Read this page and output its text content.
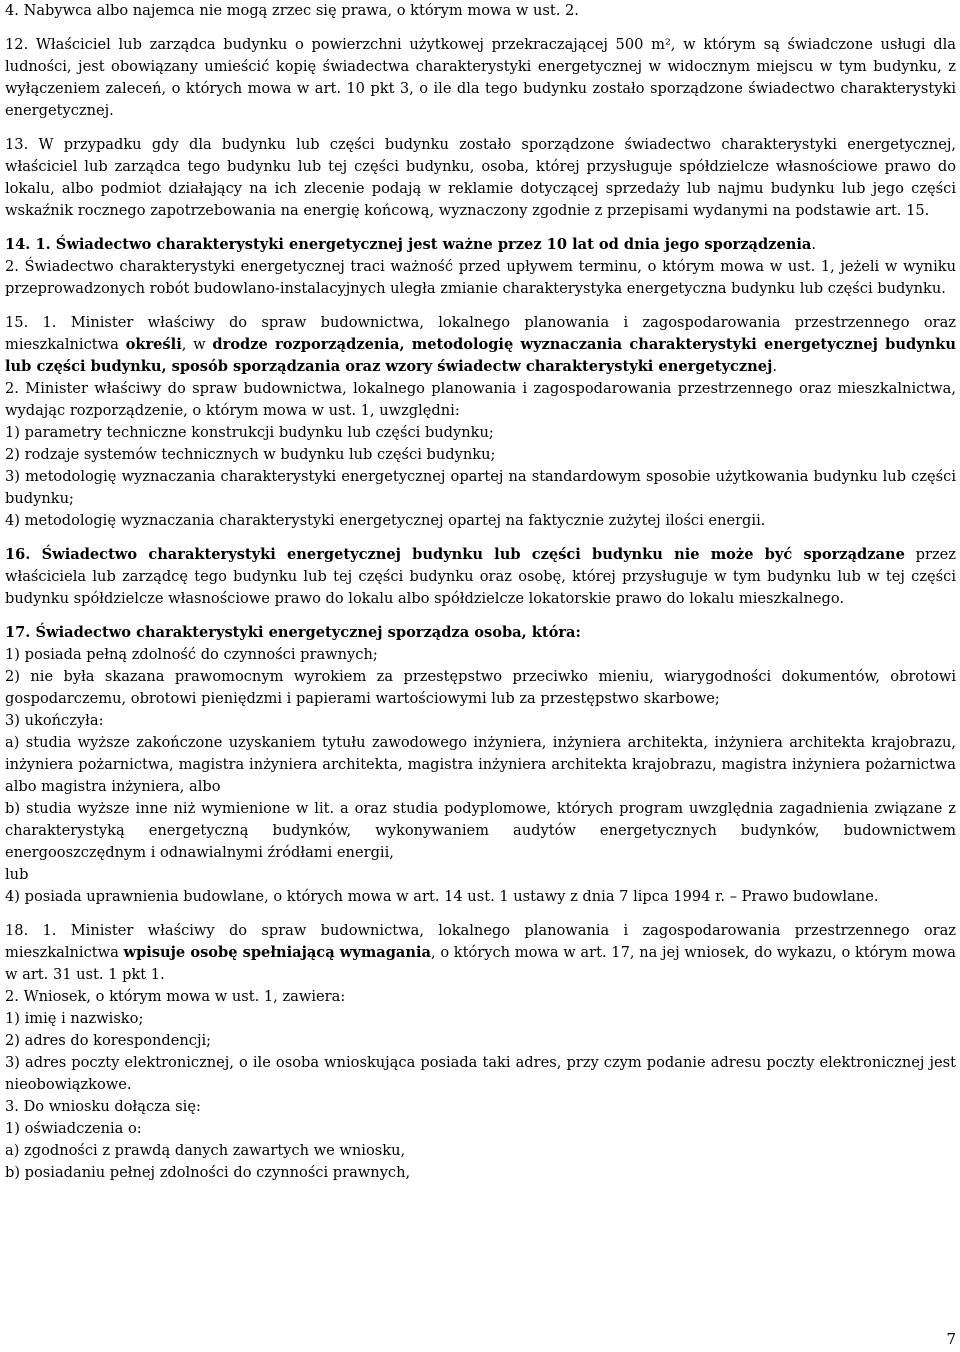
4. Nabywca albo najemca nie mogą zrzec się prawa, o którym mowa w ust. 2.

12. Właściciel lub zarządca budynku o powierzchni użytkowej przekraczającej 500 m², w którym są świadczone usługi dla ludności, jest obowiązany umieścić kopię świadectwa charakterystyki energetycznej w widocznym miejscu w tym budynku, z wyłączeniem zaleceń, o których mowa w art. 10 pkt 3, o ile dla tego budynku zostało sporządzone świadectwo charakterystyki energetycznej.

13. W przypadku gdy dla budynku lub części budynku zostało sporządzone świadectwo charakterystyki energetycznej, właściciel lub zarządca tego budynku lub tej części budynku, osoba, której przysługuje spółdzielcze własnościowe prawo do lokalu, albo podmiot działający na ich zlecenie podają w reklamie dotyczącej sprzedaży lub najmu budynku lub jego części wskaźnik rocznego zapotrzebowania na energię końcową, wyznaczony zgodnie z przepisami wydanymi na podstawie art. 15.

14. 1. Świadectwo charakterystyki energetycznej jest ważne przez 10 lat od dnia jego sporządzenia.

2. Świadectwo charakterystyki energetycznej traci ważność przed upływem terminu, o którym mowa w ust. 1, jeżeli w wyniku przeprowadzonych robót budowlano-instalacyjnych uległa zmianie charakterystyka energetyczna budynku lub części budynku.

15. 1. Minister właściwy do spraw budownictwa, lokalnego planowania i zagospodarowania przestrzennego oraz mieszkalnictwa określi, w drodze rozporządzenia, metodologię wyznaczania charakterystyki energetycznej budynku lub części budynku, sposób sporządzania oraz wzory świadectw charakterystyki energetycznej.

2. Minister właściwy do spraw budownictwa, lokalnego planowania i zagospodarowania przestrzennego oraz mieszkalnictwa, wydając rozporządzenie, o którym mowa w ust. 1, uwzględni:

1) parametry techniczne konstrukcji budynku lub części budynku;

2) rodzaje systemów technicznych w budynku lub części budynku;

3) metodologię wyznaczania charakterystyki energetycznej opartej na standardowym sposobie użytkowania budynku lub części budynku;

4) metodologię wyznaczania charakterystyki energetycznej opartej na faktycznie zużytej ilości energii.

16. Świadectwo charakterystyki energetycznej budynku lub części budynku nie może być sporządzane przez właściciela lub zarządcę tego budynku lub tej części budynku oraz osobę, której przysługuje w tym budynku lub w tej części budynku spółdzielcze własnościowe prawo do lokalu albo spółdzielcze lokatorskie prawo do lokalu mieszkalnego.

17. Świadectwo charakterystyki energetycznej sporządza osoba, która:

1) posiada pełną zdolność do czynności prawnych;

2) nie była skazana prawomocnym wyrokiem za przestępstwo przeciwko mieniu, wiarygodności dokumentów, obrotowi gospodarczemu, obrotowi pieniędzmi i papierami wartościowymi lub za przestępstwo skarbowe;

3) ukończyła:

a) studia wyższe zakończone uzyskaniem tytułu zawodowego inżyniera, inżyniera architekta, inżyniera architekta krajobrazu, inżyniera pożarnictwa, magistra inżyniera architekta, magistra inżyniera architekta krajobrazu, magistra inżyniera pożarnictwa albo magistra inżyniera, albo

b) studia wyższe inne niż wymienione w lit. a oraz studia podyplomowe, których program uwzględnia zagadnienia związane z charakterystyką energetyczną budynków, wykonywaniem audytów energetycznych budynków, budownictwem energooszczędnym i odnawialnymi źródłami energii,

lub

4) posiada uprawnienia budowlane, o których mowa w art. 14 ust. 1 ustawy z dnia 7 lipca 1994 r. – Prawo budowlane.

18. 1. Minister właściwy do spraw budownictwa, lokalnego planowania i zagospodarowania przestrzennego oraz mieszkalnictwa wpisuje osobę spełniającą wymagania, o których mowa w art. 17, na jej wniosek, do wykazu, o którym mowa w art. 31 ust. 1 pkt 1.

2. Wniosek, o którym mowa w ust. 1, zawiera:

1) imię i nazwisko;

2) adres do korespondencji;

3) adres poczty elektronicznej, o ile osoba wnioskująca posiada taki adres, przy czym podanie adresu poczty elektronicznej jest nieobowiązkowe.

3. Do wniosku dołącza się:

1) oświadczenia o:

a) zgodności z prawdą danych zawartych we wniosku,

b) posiadaniu pełnej zdolności do czynności prawnych,

7
